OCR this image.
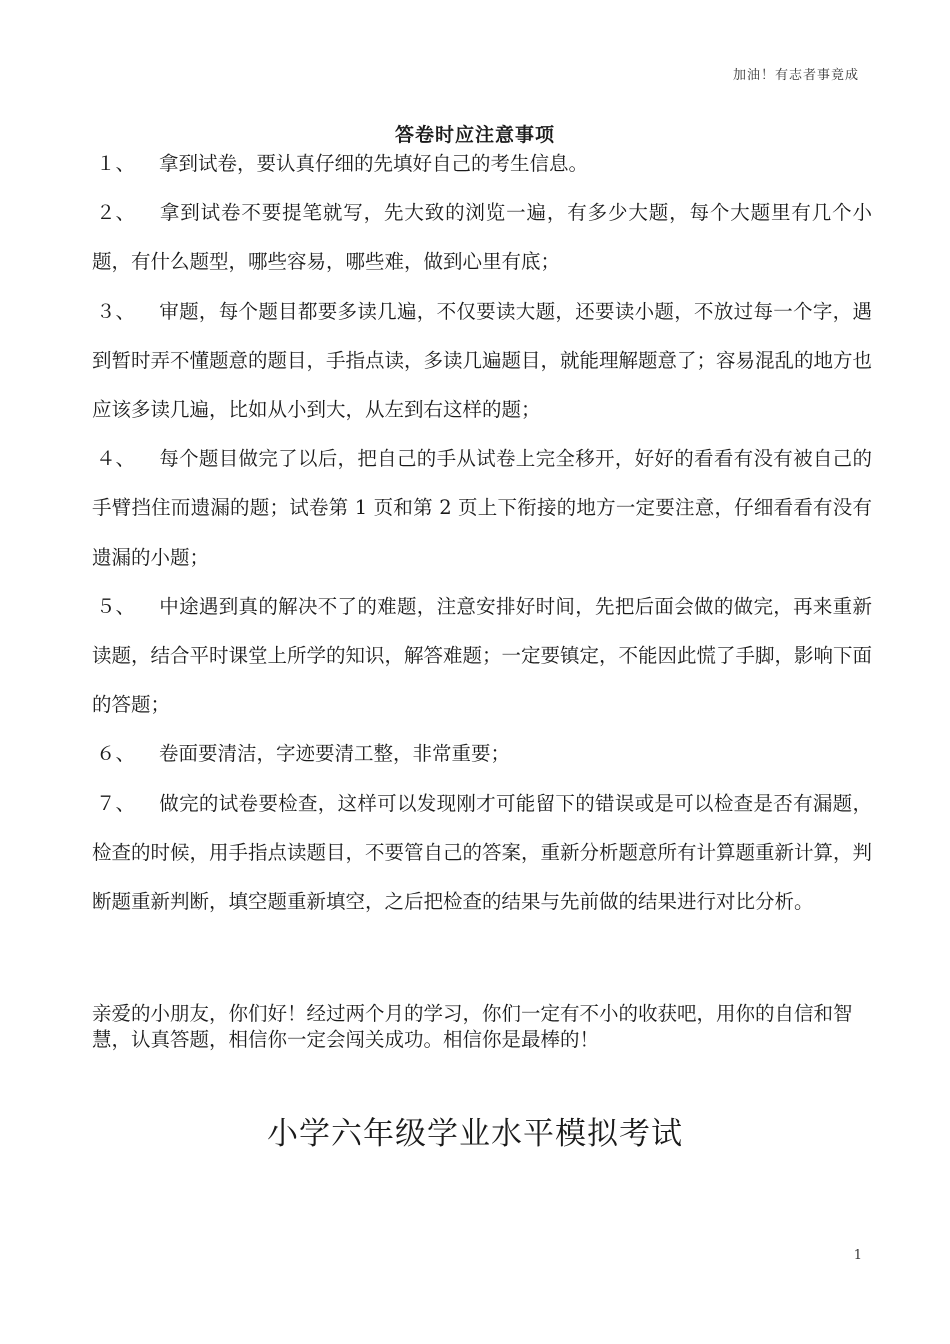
加油！有志者事竟成
答卷时应注意事项
１、 拿到试卷，要认真仔细的先填好自己的考生信息。
２、 拿到试卷不要提笔就写，先大致的浏览一遍，有多少大题，每个大题里有几个小题，有什么题型，哪些容易，哪些难，做到心里有底；
３、 审题，每个题目都要多读几遍，不仅要读大题，还要读小题，不放过每一个字，遇到暂时弄不懂题意的题目，手指点读，多读几遍题目，就能理解题意了；容易混乱的地方也应该多读几遍，比如从小到大，从左到右这样的题；
４、 每个题目做完了以后，把自己的手从试卷上完全移开，好好的看看有没有被自己的手臂挡住而遗漏的题；试卷第 1 页和第 2 页上下衔接的地方一定要注意，仔细看看有没有遗漏的小题；
５、 中途遇到真的解决不了的难题，注意安排好时间，先把后面会做的做完，再来重新读题，结合平时课堂上所学的知识，解答难题；一定要镇定，不能因此慌了手脚，影响下面的答题；
６、 卷面要清洁，字迹要清工整，非常重要；
７、 做完的试卷要检查，这样可以发现刚才可能留下的错误或是可以检查是否有漏题，检查的时候，用手指点读题目，不要管自己的答案，重新分析题意所有计算题重新计算，判断题重新判断，填空题重新填空，之后把检查的结果与先前做的结果进行对比分析。
亲爱的小朋友，你们好！经过两个月的学习，你们一定有不小的收获吧，用你的自信和智慧，认真答题，相信你一定会闯关成功。相信你是最棒的！
小学六年级学业水平模拟考试
1
